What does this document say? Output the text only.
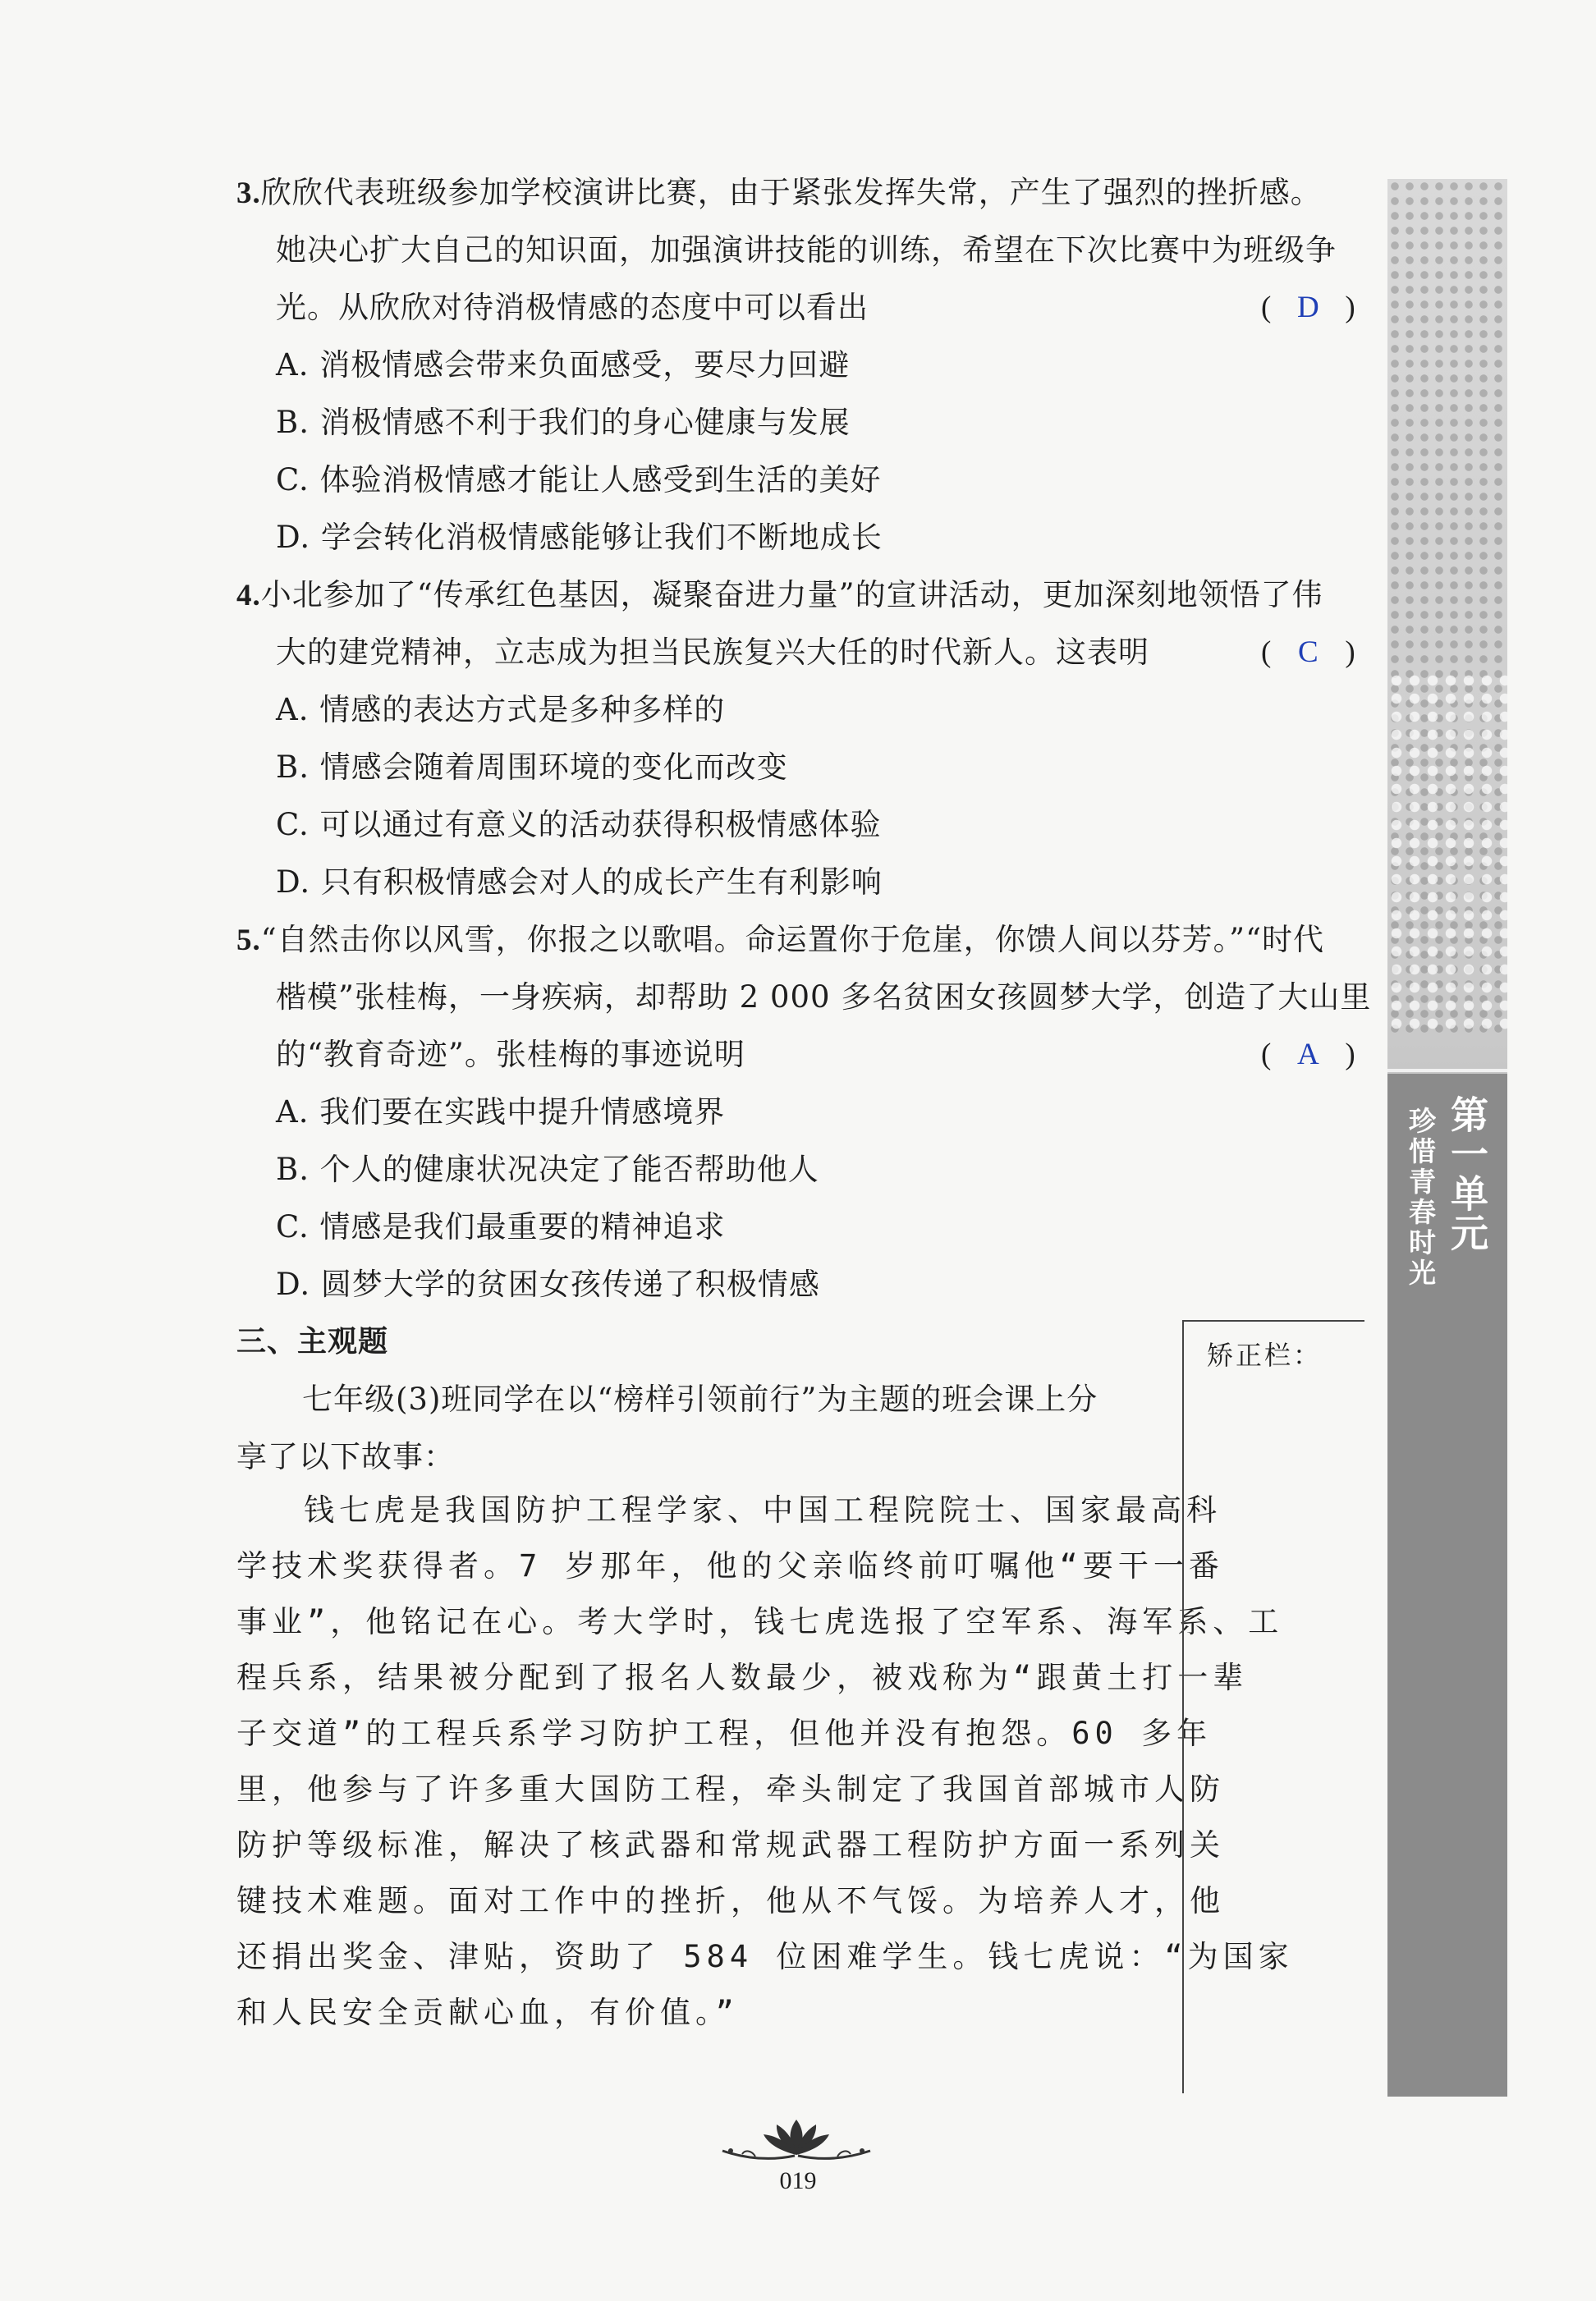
3.欣欣代表班级参加学校演讲比赛，由于紧张发挥失常，产生了强烈的挫折感。
她决心扩大自己的知识面，加强演讲技能的训练，希望在下次比赛中为班级争
光。从欣欣对待消极情感的态度中可以看出	( D )
A. 消极情感会带来负面感受，要尽力回避
B. 消极情感不利于我们的身心健康与发展
C. 体验消极情感才能让人感受到生活的美好
D. 学会转化消极情感能够让我们不断地成长
4.小北参加了“传承红色基因，凝聚奋进力量”的宣讲活动，更加深刻地领悟了伟
大的建党精神，立志成为担当民族复兴大任的时代新人。这表明	( C )
A. 情感的表达方式是多种多样的
B. 情感会随着周围环境的变化而改变
C. 可以通过有意义的活动获得积极情感体验
D. 只有积极情感会对人的成长产生有利影响
5.“自然击你以风雪，你报之以歌唱。命运置你于危崖，你馈人间以芬芳。”“时代
楷模”张桂梅，一身疾病，却帮助 2 000 多名贫困女孩圆梦大学，创造了大山里
的“教育奇迹”。张桂梅的事迹说明	( A )
A. 我们要在实践中提升情感境界
B. 个人的健康状况决定了能否帮助他人
C. 情感是我们最重要的精神追求
D. 圆梦大学的贫困女孩传递了积极情感
三、主观题
七年级(3)班同学在以“榜样引领前行”为主题的班会课上分
享了以下故事：
钱七虎是我国防护工程学家、中国工程院院士、国家最高科
学技术奖获得者。7 岁那年，他的父亲临终前叮嘱他“要干一番
事业”，他铭记在心。考大学时，钱七虎选报了空军系、海军系、工
程兵系，结果被分配到了报名人数最少，被戏称为“跟黄土打一辈
子交道”的工程兵系学习防护工程，但他并没有抱怨。60 多年
里，他参与了许多重大国防工程，牵头制定了我国首部城市人防
防护等级标准，解决了核武器和常规武器工程防护方面一系列关
键技术难题。面对工作中的挫折，他从不气馁。为培养人才，他
还捐出奖金、津贴，资助了 584 位困难学生。钱七虎说：“为国家
和人民安全贡献心血，有价值。”
矫正栏：
第一单元
珍惜青春时光
019
